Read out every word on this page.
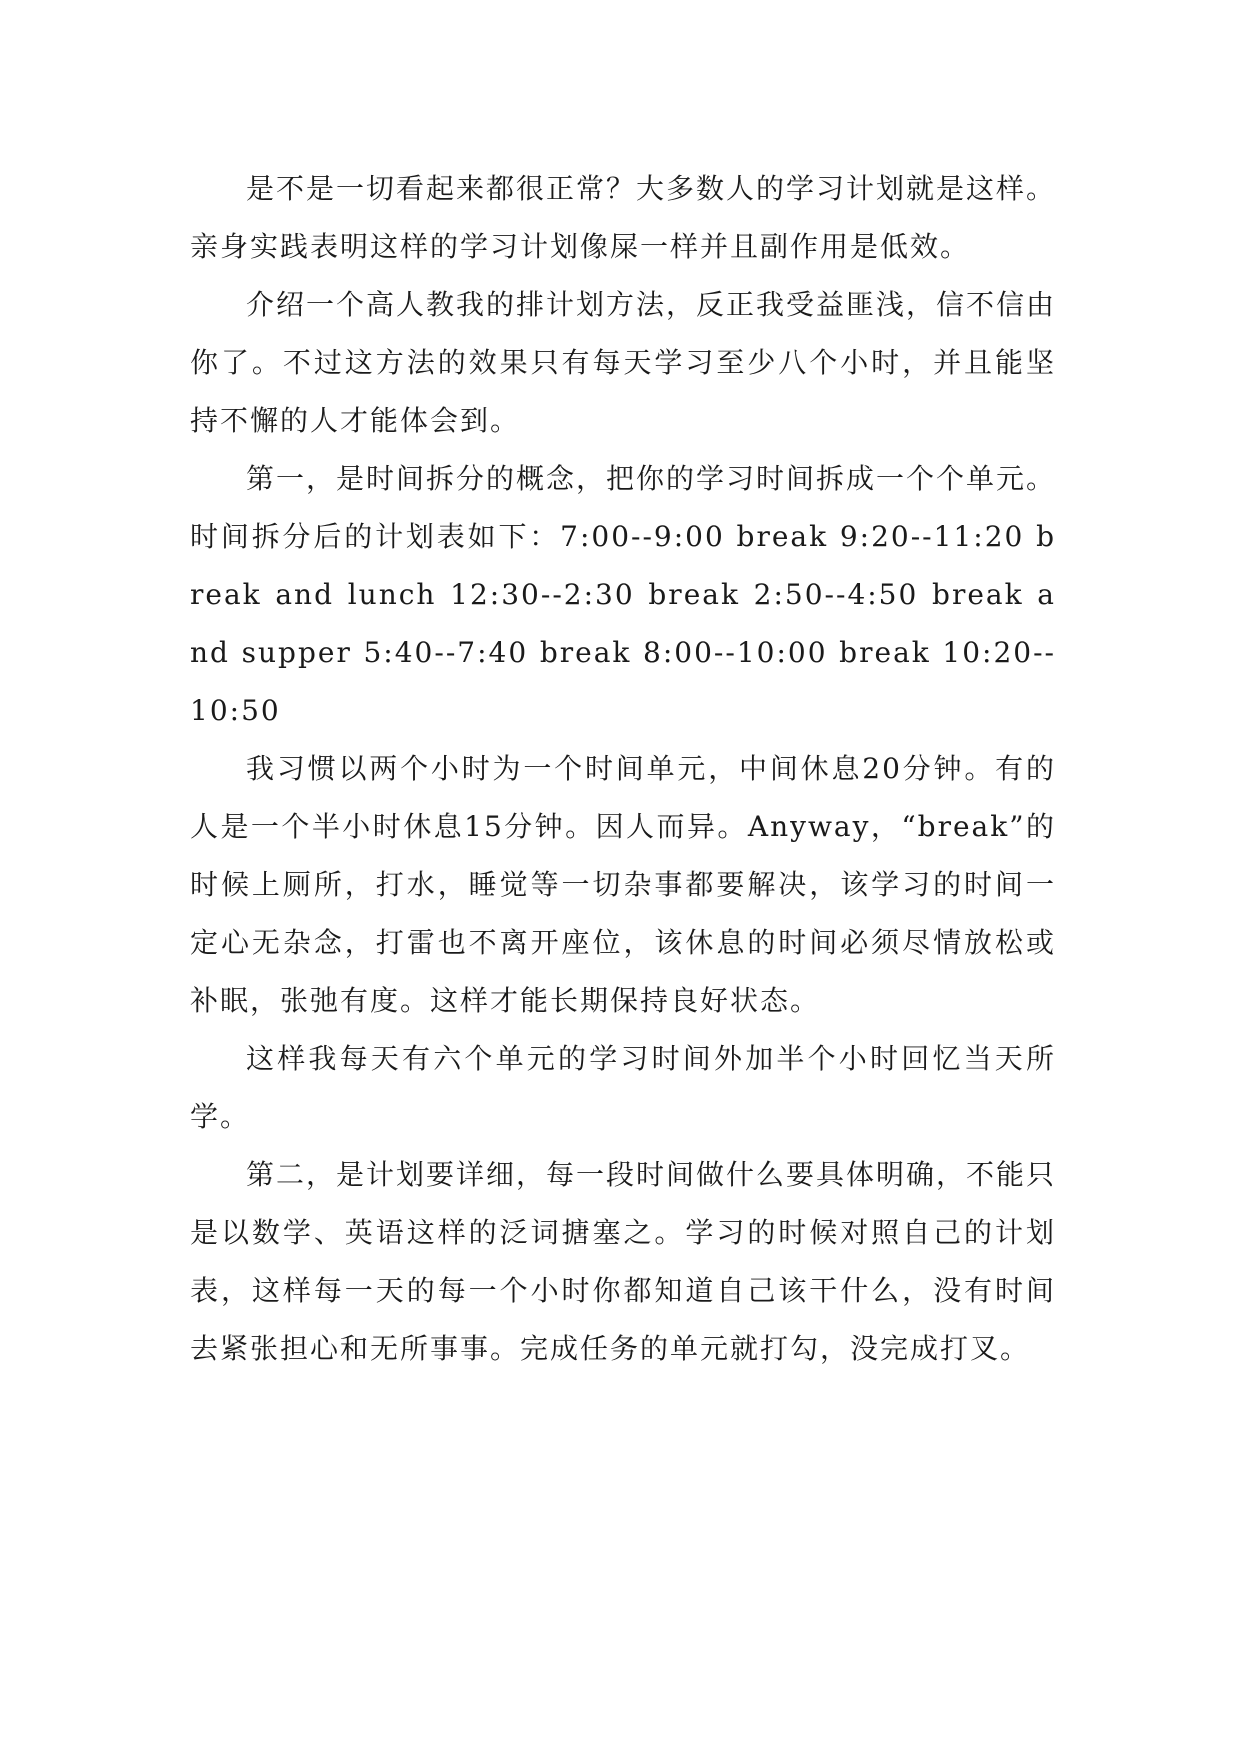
是不是一切看起来都很正常？大多数人的学习计划就是这样。亲身实践表明这样的学习计划像屎一样并且副作用是低效。

介绍一个高人教我的排计划方法，反正我受益匪浅，信不信由你了。不过这方法的效果只有每天学习至少八个小时，并且能坚持不懈的人才能体会到。

第一，是时间拆分的概念，把你的学习时间拆成一个个单元。时间拆分后的计划表如下：7:00--9:00 break 9:20--11:20 break and lunch 12:30--2:30 break 2:50--4:50 break and supper 5:40--7:40 break 8:00--10:00 break 10:20--10:50

我习惯以两个小时为一个时间单元，中间休息20分钟。有的人是一个半小时休息15分钟。因人而异。Anyway，“break”的时候上厕所，打水，睡觉等一切杂事都要解决，该学习的时间一定心无杂念，打雷也不离开座位，该休息的时间必须尽情放松或补眠，张弛有度。这样才能长期保持良好状态。

这样我每天有六个单元的学习时间外加半个小时回忆当天所学。

第二，是计划要详细，每一段时间做什么要具体明确，不能只是以数学、英语这样的泛词搪塞之。学习的时候对照自己的计划表，这样每一天的每一个小时你都知道自己该干什么，没有时间去紧张担心和无所事事。完成任务的单元就打勾，没完成打叉。
